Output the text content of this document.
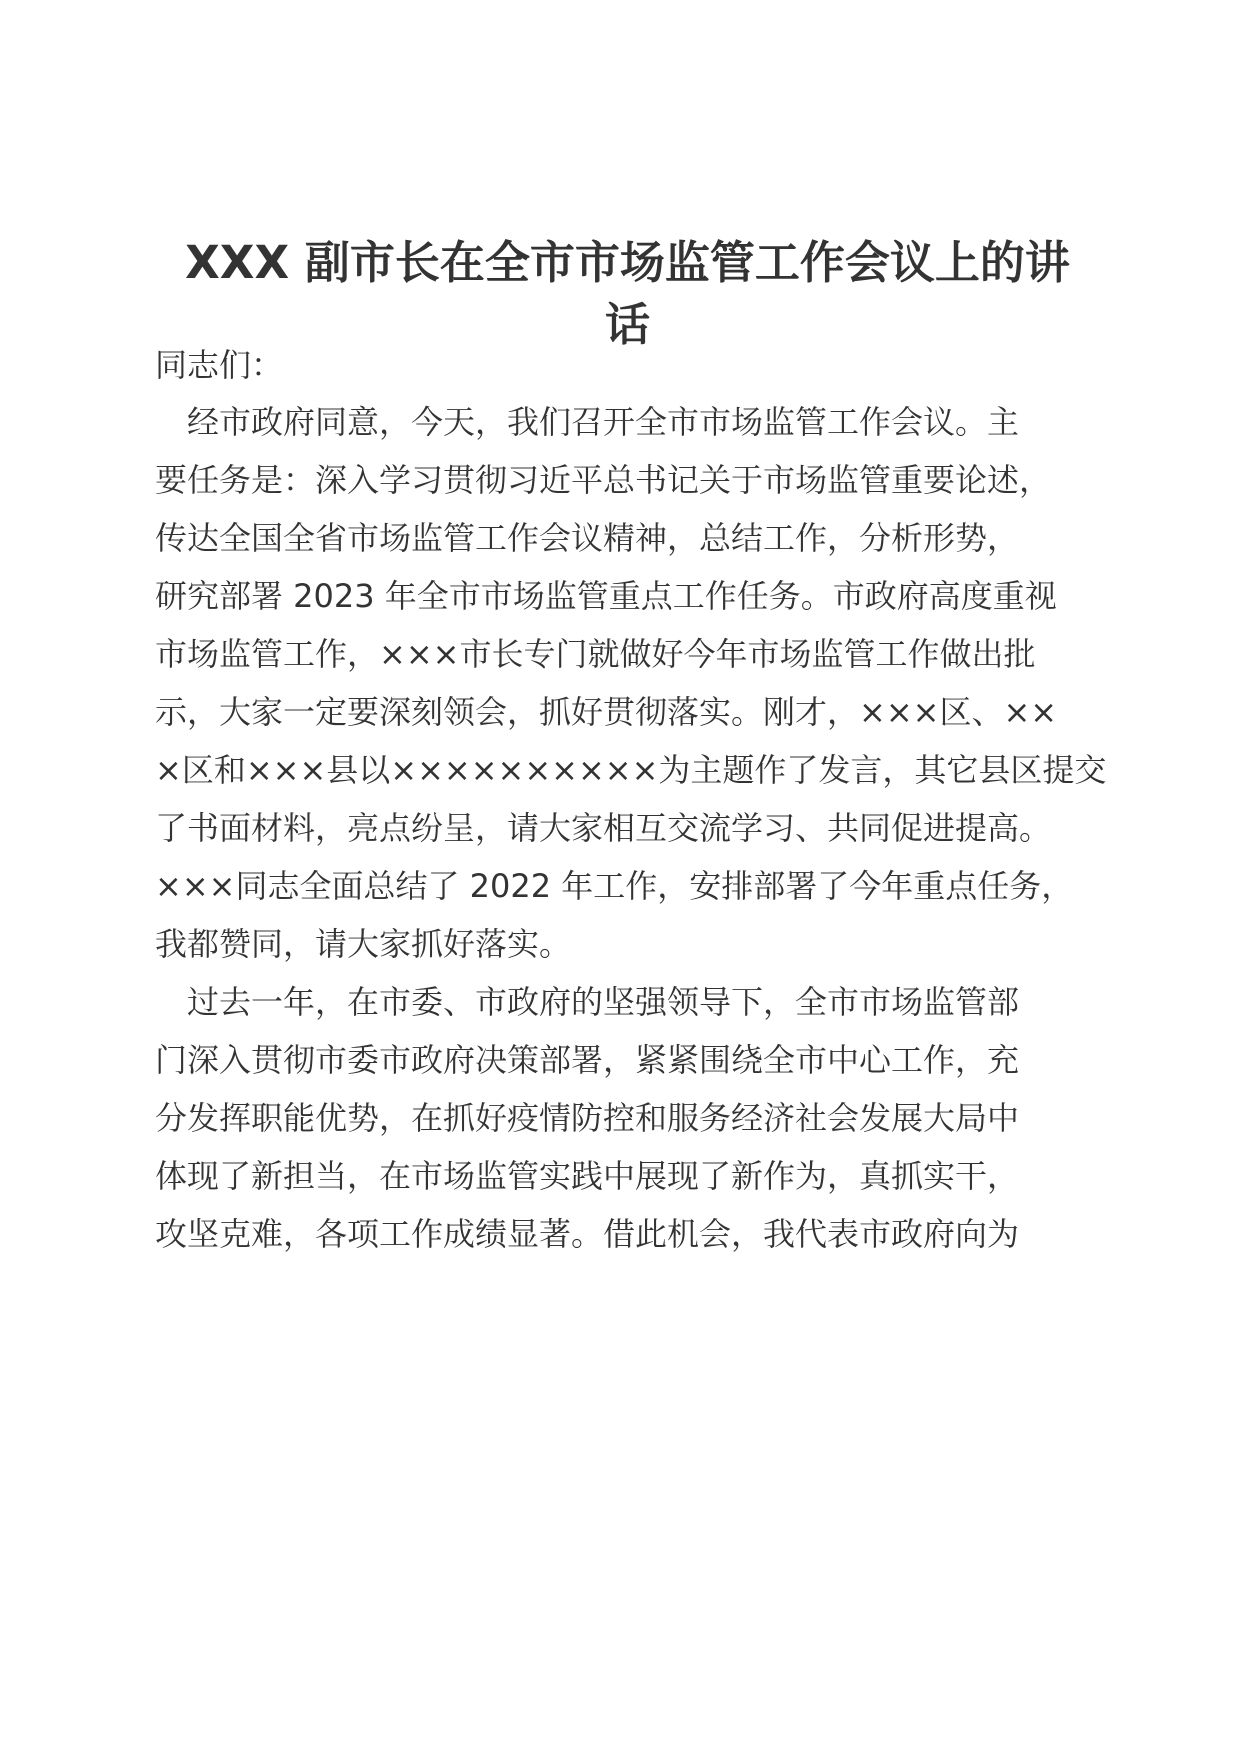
XXX 副市长在全市市场监管工作会议上的讲
话
同志们：
　经市政府同意，今天，我们召开全市市场监管工作会议。主
要任务是：深入学习贯彻习近平总书记关于市场监管重要论述，
传达全国全省市场监管工作会议精神，总结工作，分析形势，
研究部署 2023 年全市市场监管重点工作任务。市政府高度重视
市场监管工作，×××市长专门就做好今年市场监管工作做出批
示，大家一定要深刻领会，抓好贯彻落实。刚才，×××区、××
×区和×××县以××××××××××为主题作了发言，其它县区提交
了书面材料，亮点纷呈，请大家相互交流学习、共同促进提高。
×××同志全面总结了 2022 年工作，安排部署了今年重点任务，
我都赞同，请大家抓好落实。
　过去一年，在市委、市政府的坚强领导下，全市市场监管部
门深入贯彻市委市政府决策部署，紧紧围绕全市中心工作，充
分发挥职能优势，在抓好疫情防控和服务经济社会发展大局中
体现了新担当，在市场监管实践中展现了新作为，真抓实干，
攻坚克难，各项工作成绩显著。借此机会，我代表市政府向为
